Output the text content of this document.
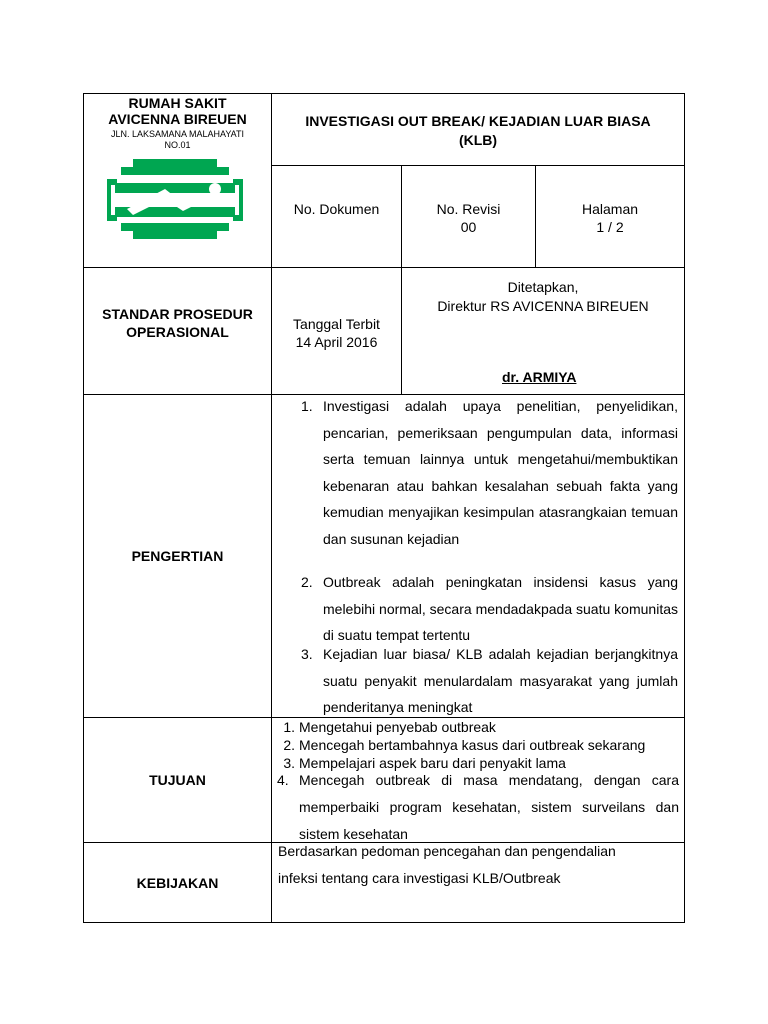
RUMAH SAKIT
AVICENNA BIREUEN
JLN. LAKSAMANA MALAHAYATI
NO.01
INVESTIGASI OUT BREAK/ KEJADIAN LUAR BIASA
(KLB)
No. Dokumen	No. Revisi
00
Halaman
1 / 2
STANDAR PROSEDUR
OPERASIONAL	Tanggal Terbit
14 April 2016
Ditetapkan,
Direktur RS AVICENNA BIREUEN
dr. ARMIYA
PENGERTIAN
1. Investigasi adalah upaya penelitian, penyelidikan, pencarian, pemeriksaan pengumpulan data, informasi serta temuan lainnya untuk mengetahui/membuktikan kebenaran atau bahkan kesalahan sebuah fakta yang kemudian menyajikan kesimpulan atasrangkaian temuan dan susunan kejadian
2. Outbreak adalah peningkatan insidensi kasus yang melebihi normal, secara mendadakpada suatu komunitas di suatu tempat tertentu
3. Kejadian luar biasa/ KLB adalah kejadian berjangkitnya suatu penyakit menulardalam masyarakat yang jumlah penderitanya meningkat
TUJUAN
1. Mengetahui penyebab outbreak
2. Mencegah bertambahnya kasus dari outbreak sekarang
3. Mempelajari aspek baru dari penyakit lama
4. Mencegah outbreak di masa mendatang, dengan cara memperbaiki program kesehatan, sistem surveilans dan sistem kesehatan
KEBIJAKAN
Berdasarkan pedoman pencegahan dan pengendalian
infeksi tentang cara investigasi KLB/Outbreak
